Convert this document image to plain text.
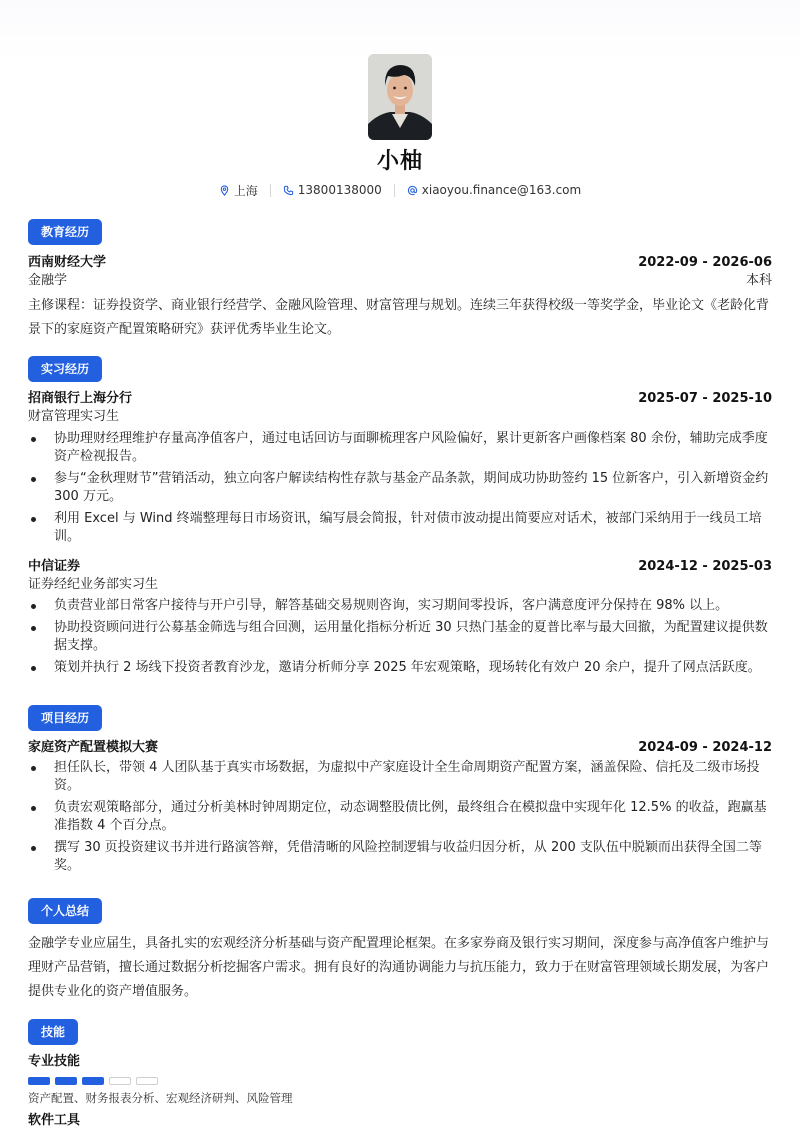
小柚
上海	13800138000	xiaoyou.finance@163.com
教育经历
西南财经大学	2022-09 - 2026-06
金融学	本科
主修课程：证券投资学、商业银行经营学、金融风险管理、财富管理与规划。连续三年获得校级一等奖学金，毕业论文《老龄化背景下的家庭资产配置策略研究》获评优秀毕业生论文。
实习经历
招商银行上海分行	2025-07 - 2025-10
财富管理实习生
协助理财经理维护存量高净值客户，通过电话回访与面聊梳理客户风险偏好，累计更新客户画像档案 80 余份，辅助完成季度资产检视报告。
参与“金秋理财节”营销活动，独立向客户解读结构性存款与基金产品条款，期间成功协助签约 15 位新客户，引入新增资金约 300 万元。
利用 Excel 与 Wind 终端整理每日市场资讯，编写晨会简报，针对债市波动提出简要应对话术，被部门采纳用于一线员工培训。
中信证券	2024-12 - 2025-03
证券经纪业务部实习生
负责营业部日常客户接待与开户引导，解答基础交易规则咨询，实习期间零投诉，客户满意度评分保持在 98% 以上。
协助投资顾问进行公募基金筛选与组合回测，运用量化指标分析近 30 只热门基金的夏普比率与最大回撤，为配置建议提供数据支撑。
策划并执行 2 场线下投资者教育沙龙，邀请分析师分享 2025 年宏观策略，现场转化有效户 20 余户，提升了网点活跃度。
项目经历
家庭资产配置模拟大赛	2024-09 - 2024-12
担任队长，带领 4 人团队基于真实市场数据，为虚拟中产家庭设计全生命周期资产配置方案，涵盖保险、信托及二级市场投资。
负责宏观策略部分，通过分析美林时钟周期定位，动态调整股债比例，最终组合在模拟盘中实现年化 12.5% 的收益，跑赢基准指数 4 个百分点。
撰写 30 页投资建议书并进行路演答辩，凭借清晰的风险控制逻辑与收益归因分析，从 200 支队伍中脱颖而出获得全国二等奖。
个人总结
金融学专业应届生，具备扎实的宏观经济分析基础与资产配置理论框架。在多家券商及银行实习期间，深度参与高净值客户维护与理财产品营销，擅长通过数据分析挖掘客户需求。拥有良好的沟通协调能力与抗压能力，致力于在财富管理领域长期发展，为客户提供专业化的资产增值服务。
技能
专业技能
资产配置、财务报表分析、宏观经济研判、风险管理
软件工具
